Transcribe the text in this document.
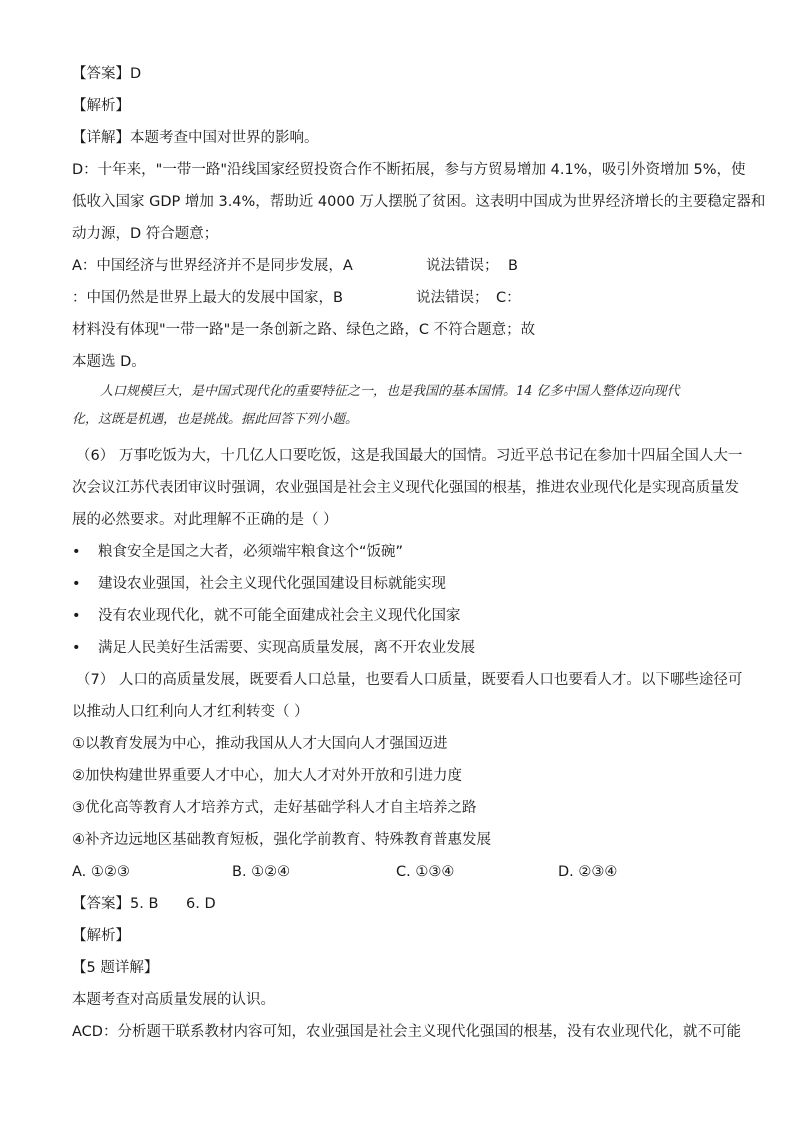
【答案】D
【解析】
【详解】本题考查中国对世界的影响。
D：十年来，"一带一路"沿线国家经贸投资合作不断拓展，参与方贸易增加 4.1%，吸引外资增加 5%，使
低收入国家 GDP 增加 3.4%，帮助近 4000 万人摆脱了贫困。这表明中国成为世界经济增长的主要稳定器和
动力源，D 符合题意；
A：中国经济与世界经济并不是同步发展，A	说法错误； B
：中国仍然是世界上最大的发展中国家，B	说法错误； C：
材料没有体现"一带一路"是一条创新之路、绿色之路，C 不符合题意；故
本题选 D。
人口规模巨大，是中国式现代化的重要特征之一，也是我国的基本国情。14 亿多中国人整体迈向现代
化，这既是机遇，也是挑战。据此回答下列小题。
（6） 万事吃饭为大，十几亿人口要吃饭，这是我国最大的国情。习近平总书记在参加十四届全国人大一
次会议江苏代表团审议时强调，农业强国是社会主义现代化强国的根基，推进农业现代化是实现高质量发
展的必然要求。对此理解不正确的是（ ）
• 粮食安全是国之大者，必须端牢粮食这个“饭碗”
• 建设农业强国，社会主义现代化强国建设目标就能实现
• 没有农业现代化，就不可能全面建成社会主义现代化国家
• 满足人民美好生活需要、实现高质量发展，离不开农业发展
（7） 人口的高质量发展，既要看人口总量，也要看人口质量，既要看人口也要看人才。以下哪些途径可
以推动人口红利向人才红利转变（ ）
①以教育发展为中心，推动我国从人才大国向人才强国迈进
②加快构建世界重要人才中心，加大人才对外开放和引进力度
③优化高等教育人才培养方式，走好基础学科人才自主培养之路
④补齐边远地区基础教育短板，强化学前教育、特殊教育普惠发展
A. ①②③	B. ①②④	C. ①③④	D. ②③④
【答案】5. B      6. D
【解析】
【5 题详解】
本题考查对高质量发展的认识。
ACD：分析题干联系教材内容可知，农业强国是社会主义现代化强国的根基，没有农业现代化，就不可能
